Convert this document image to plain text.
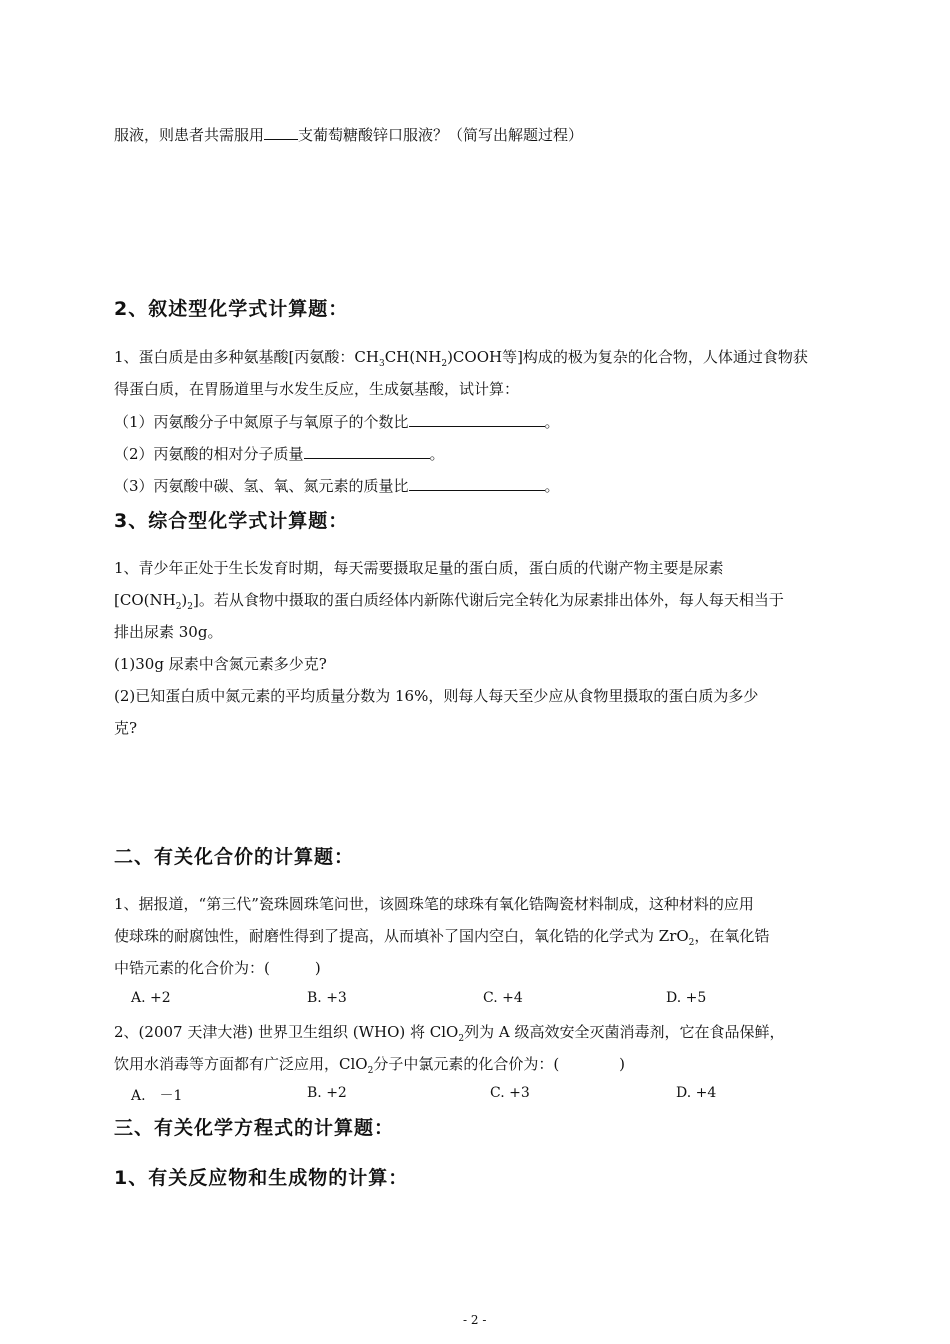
服液，则患者共需服用 支葡萄糖酸锌口服液？（简写出解题过程）
2、叙述型化学式计算题：
1、蛋白质是由多种氨基酸[丙氨酸：$CH_3CH(NH_2)COOH$等]构成的极为复杂的化合物，人体通过食物获
得蛋白质，在胃肠道里与水发生反应，生成氨基酸，试计算：
（1）丙氨酸分子中氮原子与氧原子的个数比	。
（2）丙氨酸的相对分子质量	。
（3）丙氨酸中碳、氢、氧、氮元素的质量比	。
3、综合型化学式计算题：
1、青少年正处于生长发育时期，每天需要摄取足量的蛋白质，蛋白质的代谢产物主要是尿素
$[CO(NH_2)_2]$。若从食物中摄取的蛋白质经体内新陈代谢后完全转化为尿素排出体外，每人每天相当于
排出尿素 30g。
(1)30g 尿素中含氮元素多少克?
(2)已知蛋白质中氮元素的平均质量分数为 16%，则每人每天至少应从食物里摄取的蛋白质为多少
克?
二、有关化合价的计算题：
1、据报道，“第三代”瓷珠圆珠笔问世，该圆珠笔的球珠有氧化锆陶瓷材料制成，这种材料的应用
使球珠的耐腐蚀性，耐磨性得到了提高，从而填补了国内空白，氧化锆的化学式为 ZrO$_2$，在氧化锆
中锆元素的化合价为：(　　　)
A. +2	B. +3	C. +4	D. +5
2、(2007 天津大港) 世界卫生组织 (WHO) 将 ClO$_2$列为 A 级高效安全灭菌消毒剂，它在食品保鲜，
饮用水消毒等方面都有广泛应用，ClO$_2$分子中氯元素的化合价为：(　　　　)
A.　－1	B. +2	C. +3	D. +4
三、有关化学方程式的计算题：
1、有关反应物和生成物的计算：
- 2 -
